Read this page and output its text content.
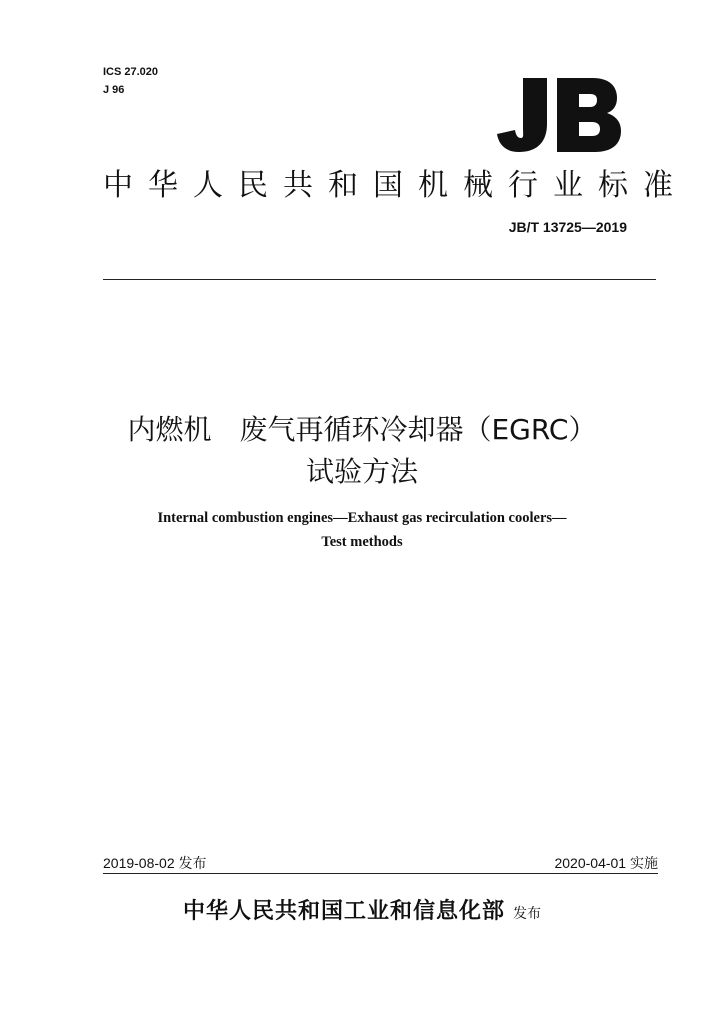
ICS 27.020
J 96
中华人民共和国机械行业标准
JB/T 13725—2019
内燃机　废气再循环冷却器（EGRC）
试验方法
Internal combustion engines—Exhaust gas recirculation coolers—
Test methods
2019-08-02 发布	2020-04-01 实施
中华人民共和国工业和信息化部 发布
